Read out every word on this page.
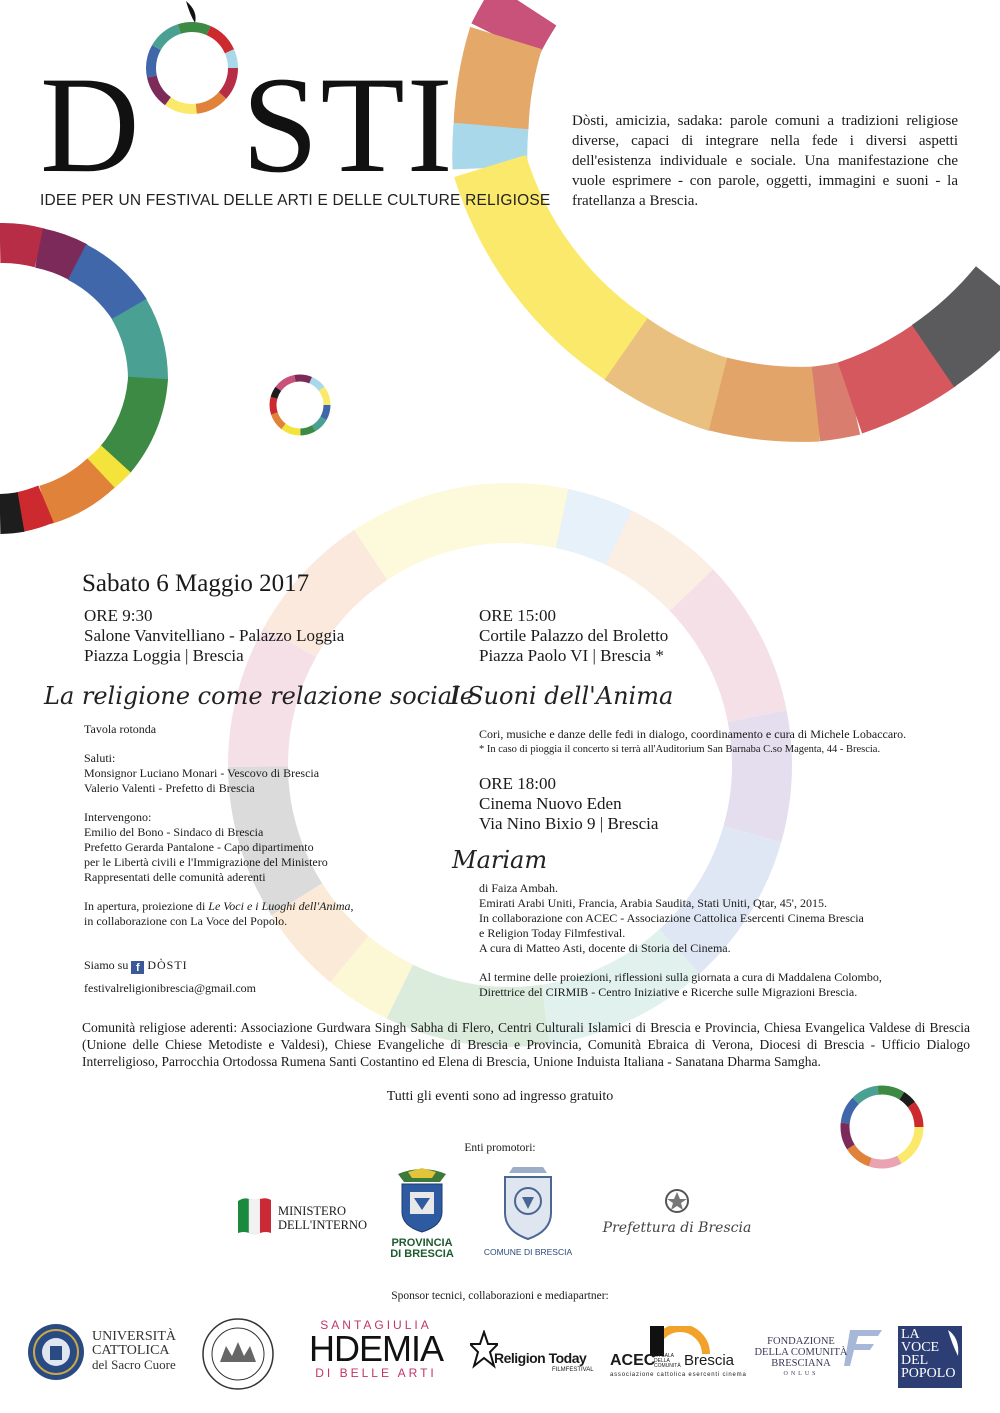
D STI
IDEE PER UN FESTIVAL DELLE ARTI E DELLE CULTURE RELIGIOSE
Dòsti, amicizia, sadaka: parole comuni a tradizioni religiose diverse, capaci di integrare nella fede i diversi aspetti dell'esistenza individuale e sociale. Una manifestazione che vuole esprimere - con parole, oggetti, immagini e suoni - la fratellanza a Brescia.
Sabato 6 Maggio 2017
ORE 9:30
Salone Vanvitelliano - Palazzo Loggia
Piazza Loggia | Brescia
La religione come relazione sociale

Tavola rotonda

Saluti:
Monsignor Luciano Monari - Vescovo di Brescia
Valerio Valenti - Prefetto di Brescia

Intervengono:
Emilio del Bono - Sindaco di Brescia
Prefetto Gerarda Pantalone - Capo dipartimento
per le Libertà civili e l'Immigrazione del Ministero
Rappresentati delle comunità aderenti

In apertura, proiezione di Le Voci e i Luoghi dell'Anima,
in collaborazione con La Voce del Popolo.

Siamo su f DÒSTI
festivalreligionibrescia@gmail.com
ORE 15:00
Cortile Palazzo del Broletto
Piazza Paolo VI | Brescia *
I Suoni dell'Anima
Cori, musiche e danze delle fedi in dialogo, coordinamento e cura di Michele Lobaccaro.
* In caso di pioggia il concerto si terrà all'Auditorium San Barnaba C.so Magenta, 44 - Brescia.
ORE 18:00
Cinema Nuovo Eden
Via Nino Bixio 9 | Brescia
Mariam

di Faiza Ambah.
Emirati Arabi Uniti, Francia, Arabia Saudita, Stati Uniti, Qtar, 45', 2015.
In collaborazione con ACEC - Associazione Cattolica Esercenti Cinema Brescia
e Religion Today Filmfestival.
A cura di Matteo Asti, docente di Storia del Cinema.

Al termine delle proiezioni, riflessioni sulla giornata a cura di Maddalena Colombo,
Direttrice del CIRMIB - Centro Iniziative e Ricerche sulle Migrazioni Brescia.

Comunità religiose aderenti: Associazione Gurdwara Singh Sabha di Flero, Centri Culturali Islamici di Brescia e Provincia, Chiesa Evangelica Valdese di Brescia (Unione delle Chiese Metodiste e Valdesi), Chiese Evangeliche di Brescia e Provincia, Comunità Ebraica di Verona, Diocesi di Brescia - Ufficio Dialogo Interreligioso, Parrocchia Ortodossa Rumena Santi Costantino ed Elena di Brescia, Unione Induista Italiana - Sanatana Dharma Samgha.
Tutti gli eventi sono ad ingresso gratuito
Enti promotori:
MINISTERO
DELL'INTERNO
PROVINCIA
DI BRESCIA	COMUNE DI BRESCIA
Prefettura di Brescia
Sponsor tecnici, collaborazioni e mediapartner:
UNIVERSITÀ
CATTOLICA
del Sacro Cuore
SANTAGIULIA
HDEMIA
DI BELLE ARTI
Religion Today
FILMFESTIVAL
ACEC
LA SALA DELLA COMUNITÀ Brescia
associazione cattolica esercenti cinema
FONDAZIONE
DELLA COMUNITÀ
BRESCIANA
ONLUS
LA
VOCE
DEL
POPOLO
